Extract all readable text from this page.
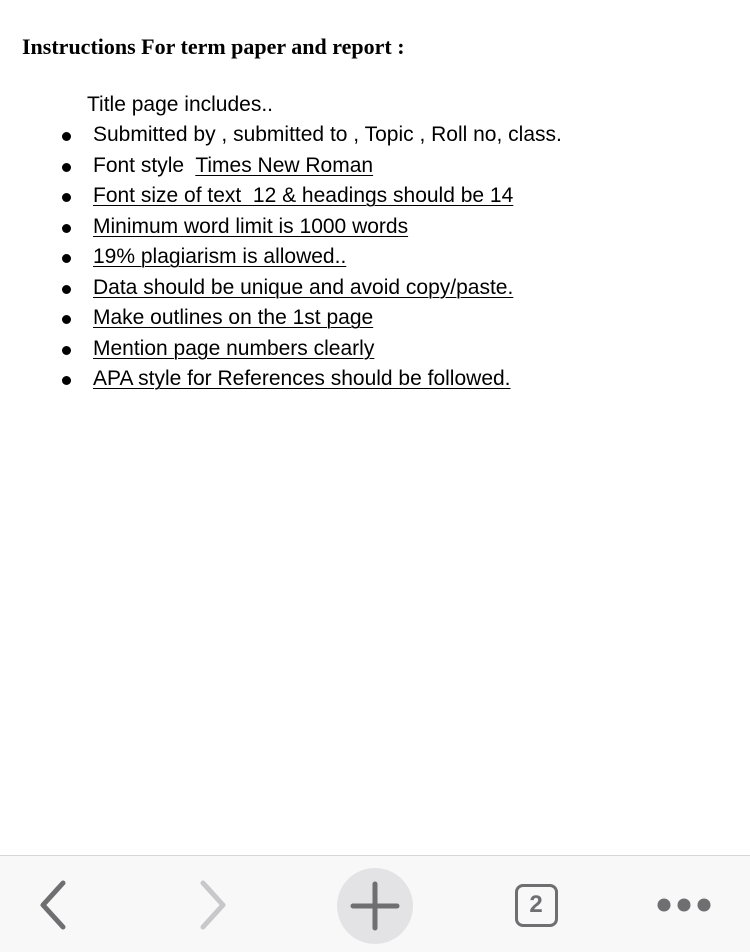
Instructions For term paper and report :

Title page includes..

Submitted by , submitted to , Topic , Roll no, class.
Font style  Times New Roman
Font size of text  12 & headings should be 14
Minimum word limit is 1000 words
19% plagiarism is allowed..
Data should be unique and avoid copy/paste.
Make outlines on the 1st page
Mention page numbers clearly
APA style for References should be followed.
2
